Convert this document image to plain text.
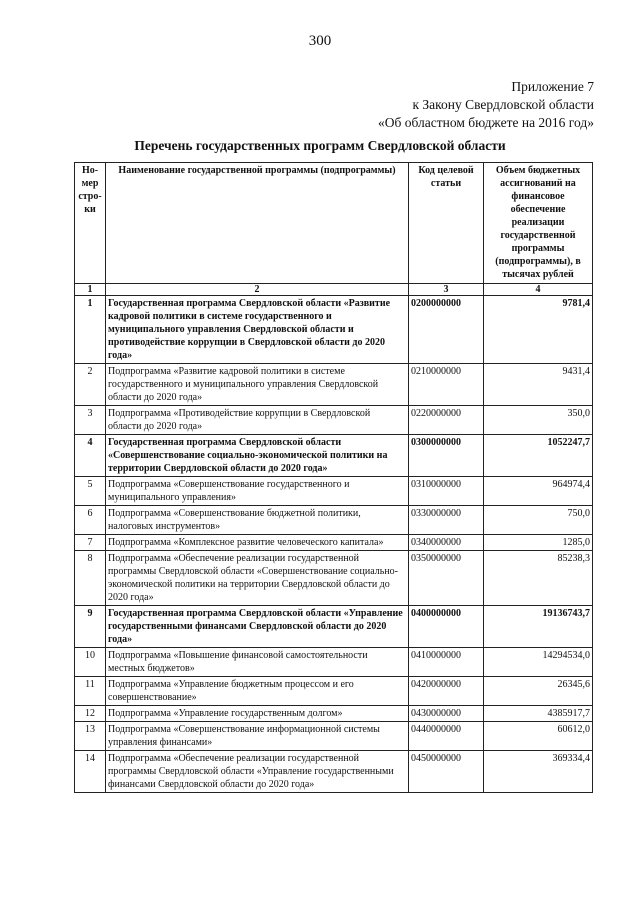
300
Приложение 7
к Закону Свердловской области
«Об областном бюджете на 2016 год»
Перечень государственных программ Свердловской области
Но-мер стро-ки	Наименование государственной программы (подпрограммы)	Код целевой статьи	Объем бюджетных ассигнований на финансовое обеспечение реализации государственной программы (подпрограммы), в тысячах рублей
1	2	3	4
1	Государственная программа Свердловской области «Развитие кадровой политики в системе государственного и муниципального управления Свердловской области и противодействие коррупции в Свердловской области до 2020 года»	0200000000	9781,4
2	Подпрограмма «Развитие кадровой политики в системе государственного и муниципального управления Свердловской области до 2020 года»	0210000000	9431,4
3	Подпрограмма «Противодействие коррупции в Свердловской области до 2020 года»	0220000000	350,0
4	Государственная программа Свердловской области «Совершенствование социально-экономической политики на территории Свердловской области до 2020 года»	0300000000	1052247,7
5	Подпрограмма «Совершенствование государственного и муниципального управления»	0310000000	964974,4
6	Подпрограмма «Совершенствование бюджетной политики, налоговых инструментов»	0330000000	750,0
7	Подпрограмма «Комплексное развитие человеческого капитала»	0340000000	1285,0
8	Подпрограмма «Обеспечение реализации государственной программы Свердловской области «Совершенствование социально-экономической политики на территории Свердловской области до 2020 года»	0350000000	85238,3
9	Государственная программа Свердловской области «Управление государственными финансами Свердловской области до 2020 года»	0400000000	19136743,7
10	Подпрограмма «Повышение финансовой самостоятельности местных бюджетов»	0410000000	14294534,0
11	Подпрограмма «Управление бюджетным процессом и его совершенствование»	0420000000	26345,6
12	Подпрограмма «Управление государственным долгом»	0430000000	4385917,7
13	Подпрограмма «Совершенствование информационной системы управления финансами»	0440000000	60612,0
14	Подпрограмма «Обеспечение реализации государственной программы Свердловской области «Управление государственными финансами Свердловской области до 2020 года»	0450000000	369334,4
